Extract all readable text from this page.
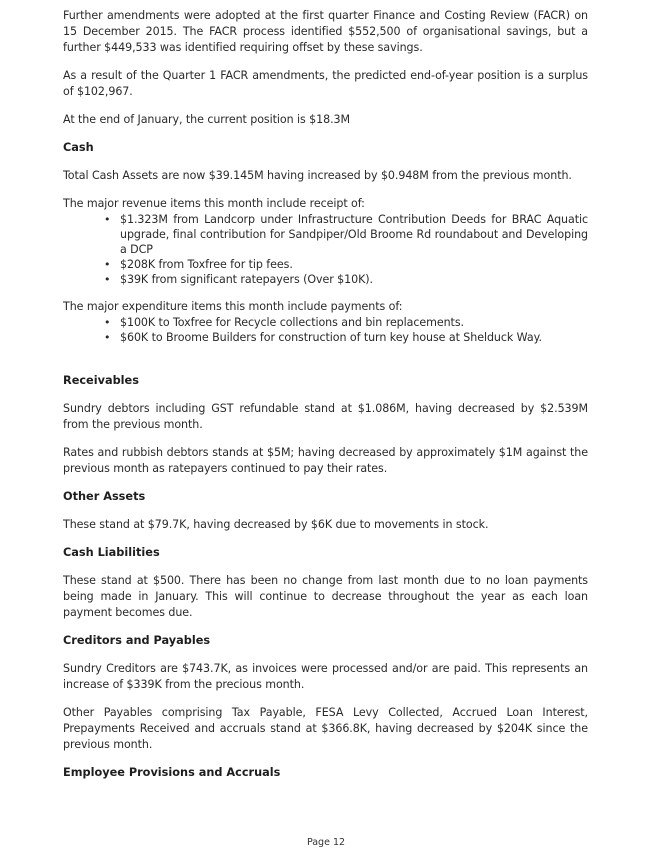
Further amendments were adopted at the first quarter Finance and Costing Review (FACR) on 15 December 2015. The FACR process identified $552,500 of organisational savings, but a further $449,533 was identified requiring offset by these savings.

As a result of the Quarter 1 FACR amendments, the predicted end-of-year position is a surplus of $102,967.

At the end of January, the current position is $18.3M

Cash

Total Cash Assets are now $39.145M having increased by $0.948M from the previous month.

The major revenue items this month include receipt of:

• $1.323M from Landcorp under Infrastructure Contribution Deeds for BRAC Aquatic upgrade, final contribution for Sandpiper/Old Broome Rd roundabout and Developing a DCP
• $208K from Toxfree for tip fees.
• $39K from significant ratepayers (Over $10K).

The major expenditure items this month include payments of:

• $100K to Toxfree for Recycle collections and bin replacements.
• $60K to Broome Builders for construction of turn key house at Shelduck Way.
Receivables

Sundry debtors including GST refundable stand at $1.086M, having decreased by $2.539M from the previous month.

Rates and rubbish debtors stands at $5M; having decreased by approximately $1M against the previous month as ratepayers continued to pay their rates.

Other Assets

These stand at $79.7K, having decreased by $6K due to movements in stock.

Cash Liabilities

These stand at $500. There has been no change from last month due to no loan payments being made in January. This will continue to decrease throughout the year as each loan payment becomes due.

Creditors and Payables

Sundry Creditors are $743.7K, as invoices were processed and/or are paid. This represents an increase of $339K from the precious month.

Other Payables comprising Tax Payable, FESA Levy Collected, Accrued Loan Interest, Prepayments Received and accruals stand at $366.8K, having decreased by $204K since the previous month.

Employee Provisions and Accruals
Page 12
